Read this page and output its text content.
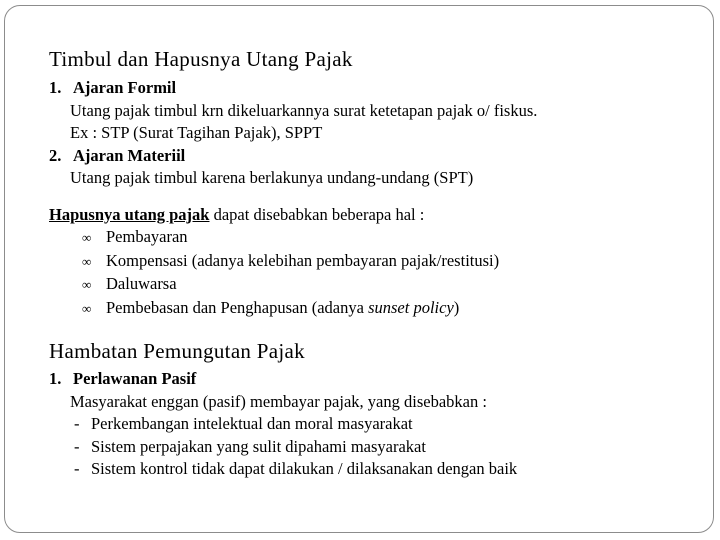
Timbul dan Hapusnya Utang Pajak
1. Ajaran Formil
Utang pajak timbul krn dikeluarkannya surat ketetapan pajak o/ fiskus.
Ex : STP (Surat Tagihan Pajak), SPPT
2. Ajaran Materiil
Utang pajak timbul karena berlakunya undang-undang (SPT)
Hapusnya utang pajak dapat disebabkan beberapa hal :
∞ Pembayaran
∞ Kompensasi (adanya kelebihan pembayaran pajak/restitusi)
∞ Daluwarsa
∞ Pembebasan dan Penghapusan (adanya sunset policy)
Hambatan Pemungutan Pajak
1. Perlawanan Pasif
Masyarakat enggan (pasif) membayar pajak, yang disebabkan :
- Perkembangan intelektual dan moral masyarakat
- Sistem perpajakan yang sulit dipahami masyarakat
- Sistem kontrol tidak dapat dilakukan / dilaksanakan dengan baik
